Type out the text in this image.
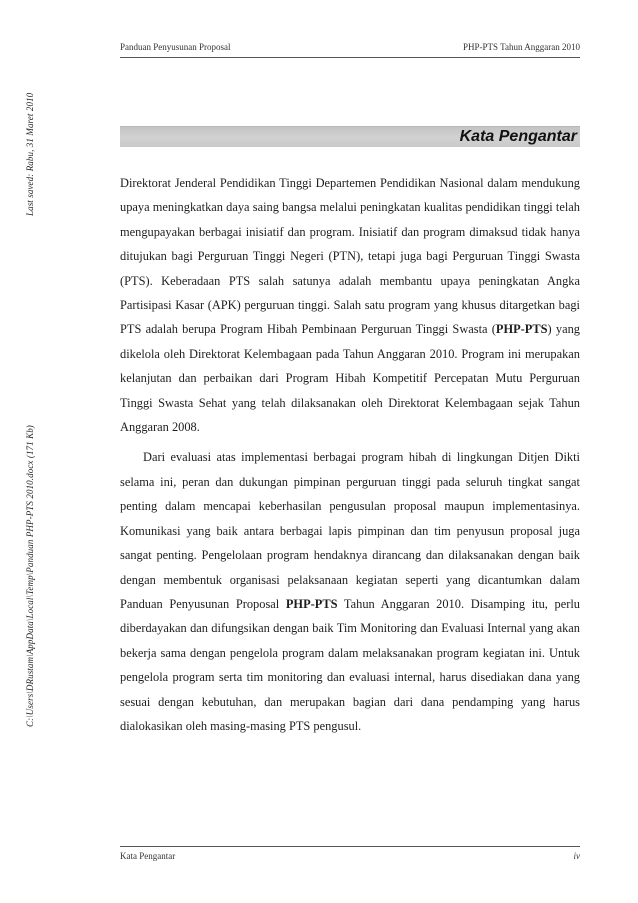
C:\Users\DRustam\AppData\Local\Temp\Panduan PHP-PTS 2010.docx (171 Kb)
Last saved: Rabu, 31 Maret 2010
Panduan Penyusunan Proposal	PHP-PTS Tahun Anggaran 2010
Kata Pengantar

Direktorat Jenderal Pendidikan Tinggi Departemen Pendidikan Nasional dalam mendukung upaya meningkatkan daya saing bangsa melalui peningkatan kualitas pendidikan tinggi telah mengupayakan berbagai inisiatif dan program. Inisiatif dan program dimaksud tidak hanya ditujukan bagi Perguruan Tinggi Negeri (PTN), tetapi juga bagi Perguruan Tinggi Swasta (PTS). Keberadaan PTS salah satunya adalah membantu upaya peningkatan Angka Partisipasi Kasar (APK) perguruan tinggi. Salah satu program yang khusus ditargetkan bagi PTS adalah berupa Program Hibah Pembinaan Perguruan Tinggi Swasta (PHP-PTS) yang dikelola oleh Direktorat Kelembagaan pada Tahun Anggaran 2010. Program ini merupakan kelanjutan dan perbaikan dari Program Hibah Kompetitif Percepatan Mutu Perguruan Tinggi Swasta Sehat yang telah dilaksanakan oleh Direktorat Kelembagaan sejak Tahun Anggaran 2008.

Dari evaluasi atas implementasi berbagai program hibah di lingkungan Ditjen Dikti selama ini, peran dan dukungan pimpinan perguruan tinggi pada seluruh tingkat sangat penting dalam mencapai keberhasilan pengusulan proposal maupun implementasinya. Komunikasi yang baik antara berbagai lapis pimpinan dan tim penyusun proposal juga sangat penting. Pengelolaan program hendaknya dirancang dan dilaksanakan dengan baik dengan membentuk organisasi pelaksanaan kegiatan seperti yang dicantumkan dalam Panduan Penyusunan Proposal PHP-PTS Tahun Anggaran 2010. Disamping itu, perlu diberdayakan dan difungsikan dengan baik Tim Monitoring dan Evaluasi Internal yang akan bekerja sama dengan pengelola program dalam melaksanakan program kegiatan ini. Untuk pengelola program serta tim monitoring dan evaluasi internal, harus disediakan dana yang sesuai dengan kebutuhan, dan merupakan bagian dari dana pendamping yang harus dialokasikan oleh masing-masing PTS pengusul.

Kata Pengantar	iv
